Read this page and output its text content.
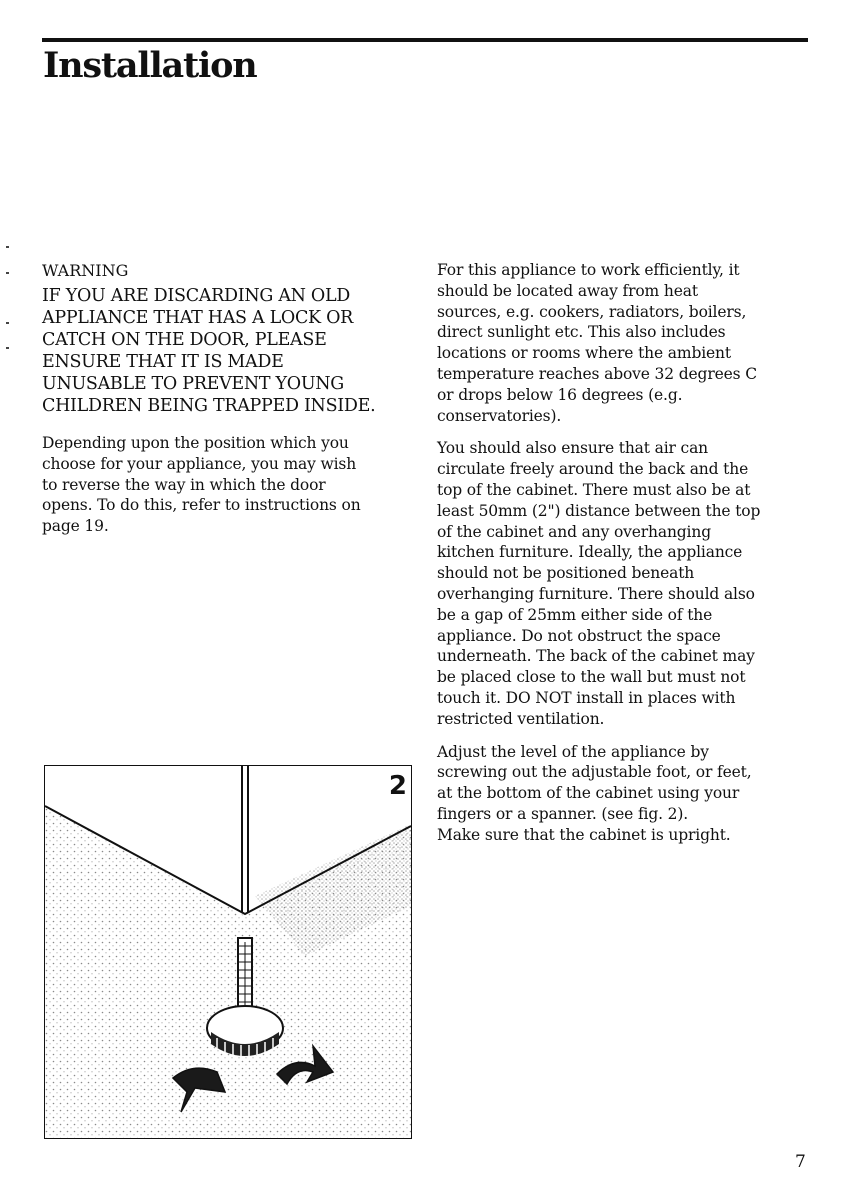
Installation

WARNING

IF YOU ARE DISCARDING AN OLD
APPLIANCE THAT HAS A LOCK OR
CATCH ON THE DOOR, PLEASE
ENSURE THAT IT IS MADE
UNUSABLE TO PREVENT YOUNG
CHILDREN BEING TRAPPED INSIDE.

Depending upon the position which you
choose for your appliance, you may wish
to reverse the way in which the door
opens. To do this, refer to instructions on
page 19.

For this appliance to work efficiently, it
should be located away from heat
sources, e.g. cookers, radiators, boilers,
direct sunlight etc. This also includes
locations or rooms where the ambient
temperature reaches above 32 degrees C
or drops below 16 degrees (e.g.
conservatories).

You should also ensure that air can
circulate freely around the back and the
top of the cabinet. There must also be at
least 50mm (2") distance between the top
of the cabinet and any overhanging
kitchen furniture. Ideally, the appliance
should not be positioned beneath
overhanging furniture. There should also
be a gap of 25mm either side of the
appliance. Do not obstruct the space
underneath. The back of the cabinet may
be placed close to the wall but must not
touch it. DO NOT install in places with
restricted ventilation.

Adjust the level of the appliance by
screwing out the adjustable foot, or feet,
at the bottom of the cabinet using your
fingers or a spanner. (see fig. 2).
Make sure that the cabinet is upright.

2
7
